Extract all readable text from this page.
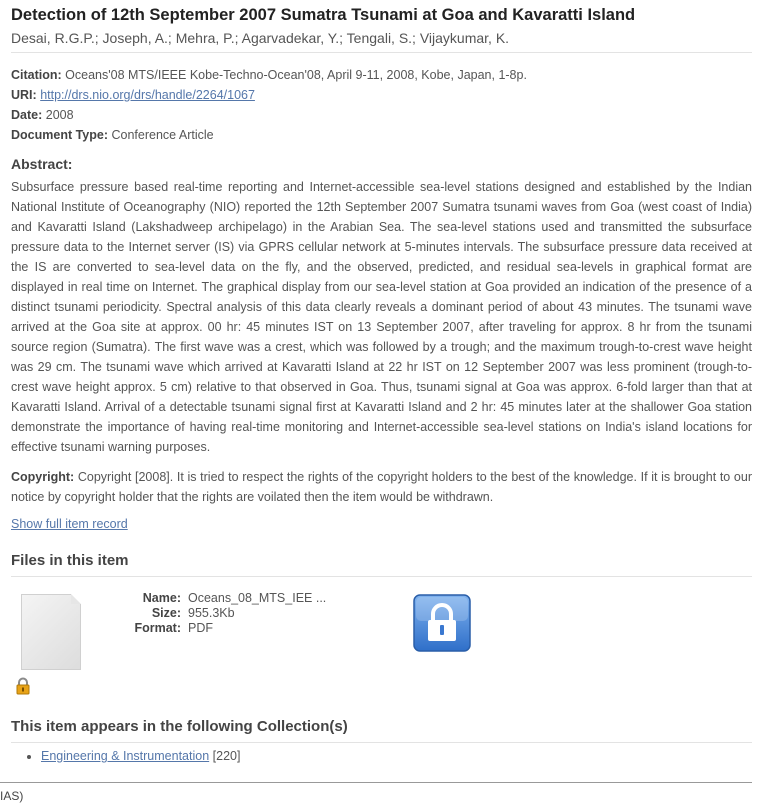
Detection of 12th September 2007 Sumatra Tsunami at Goa and Kavaratti Island
Desai, R.G.P.; Joseph, A.; Mehra, P.; Agarvadekar, Y.; Tengali, S.; Vijaykumar, K.
Citation: Oceans'08 MTS/IEEE Kobe-Techno-Ocean'08, April 9-11, 2008, Kobe, Japan, 1-8p.
URI: http://drs.nio.org/drs/handle/2264/1067
Date: 2008
Document Type: Conference Article
Abstract:

Subsurface pressure based real-time reporting and Internet-accessible sea-level stations designed and established by the Indian National Institute of Oceanography (NIO) reported the 12th September 2007 Sumatra tsunami waves from Goa (west coast of India) and Kavaratti Island (Lakshadweep archipelago) in the Arabian Sea. The sea-level stations used and transmitted the subsurface pressure data to the Internet server (IS) via GPRS cellular network at 5-minutes intervals. The subsurface pressure data received at the IS are converted to sea-level data on the fly, and the observed, predicted, and residual sea-levels in graphical format are displayed in real time on Internet. The graphical display from our sea-level station at Goa provided an indication of the presence of a distinct tsunami periodicity. Spectral analysis of this data clearly reveals a dominant period of about 43 minutes. The tsunami wave arrived at the Goa site at approx. 00 hr: 45 minutes IST on 13 September 2007, after traveling for approx. 8 hr from the tsunami source region (Sumatra). The first wave was a crest, which was followed by a trough; and the maximum trough-to-crest wave height was 29 cm. The tsunami wave which arrived at Kavaratti Island at 22 hr IST on 12 September 2007 was less prominent (trough-to-crest wave height approx. 5 cm) relative to that observed in Goa. Thus, tsunami signal at Goa was approx. 6-fold larger than that at Kavaratti Island. Arrival of a detectable tsunami signal first at Kavaratti Island and 2 hr: 45 minutes later at the shallower Goa station demonstrate the importance of having real-time monitoring and Internet-accessible sea-level stations on India's island locations for effective tsunami warning purposes.

Copyright: Copyright [2008]. It is tried to respect the rights of the copyright holders to the best of the knowledge. If it is brought to our notice by copyright holder that the rights are voilated then the item would be withdrawn.
Show full item record
Files in this item
Name: Oceans_08_MTS_IEE ...
Size: 955.3Kb
Format: PDF
This item appears in the following Collection(s)
• Engineering & Instrumentation [220]
IAS)
